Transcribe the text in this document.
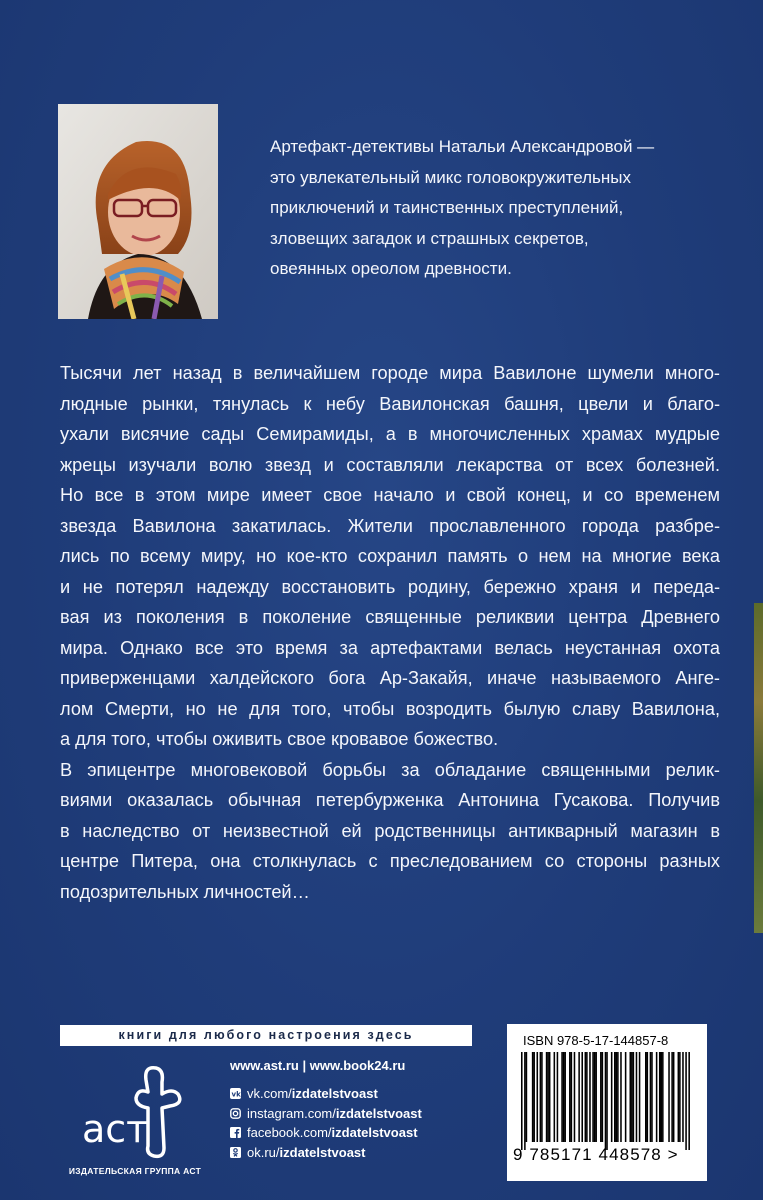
Артефакт-детективы Натальи Александровой —
это увлекательный микс головокружительных
приключений и таинственных преступлений,
зловещих загадок и страшных секретов,
овеянных ореолом древности.

Тысячи лет назад в величайшем городе мира Вавилоне шумели много-
людные рынки, тянулась к небу Вавилонская башня, цвели и благо-
ухали висячие сады Семирамиды, а в многочисленных храмах мудрые
жрецы изучали волю звезд и составляли лекарства от всех болезней.
Но все в этом мире имеет свое начало и свой конец, и со временем
звезда Вавилона закатилась. Жители прославленного города разбре-
лись по всему миру, но кое-кто сохранил память о нем на многие века
и не потерял надежду восстановить родину, бережно храня и переда-
вая из поколения в поколение священные реликвии центра Древнего
мира. Однако все это время за артефактами велась неустанная охота
приверженцами халдейского бога Ар-Закайя, иначе называемого Анге-
лом Смерти, но не для того, чтобы возродить былую славу Вавилона,
а для того, чтобы оживить свое кровавое божество.
В эпицентре многовековой борьбы за обладание священными релик-
виями оказалась обычная петербурженка Антонина Гусакова. Получив
в наследство от неизвестной ей родственницы антикварный магазин в
центре Питера, она столкнулась с преследованием со стороны разных
подозрительных личностей…

книги для любого настроения здесь
аст
ИЗДАТЕЛЬСКАЯ ГРУППА АСТ
www.ast.ru | www.book24.ru
vk vk.com/ izdatelstvoast
instagram.com/ izdatelstvoast
facebook.com/ izdatelstvoast
ok.ru/ izdatelstvoast
ISBN 978-5-17-144857-8
9 785171 448578 >
